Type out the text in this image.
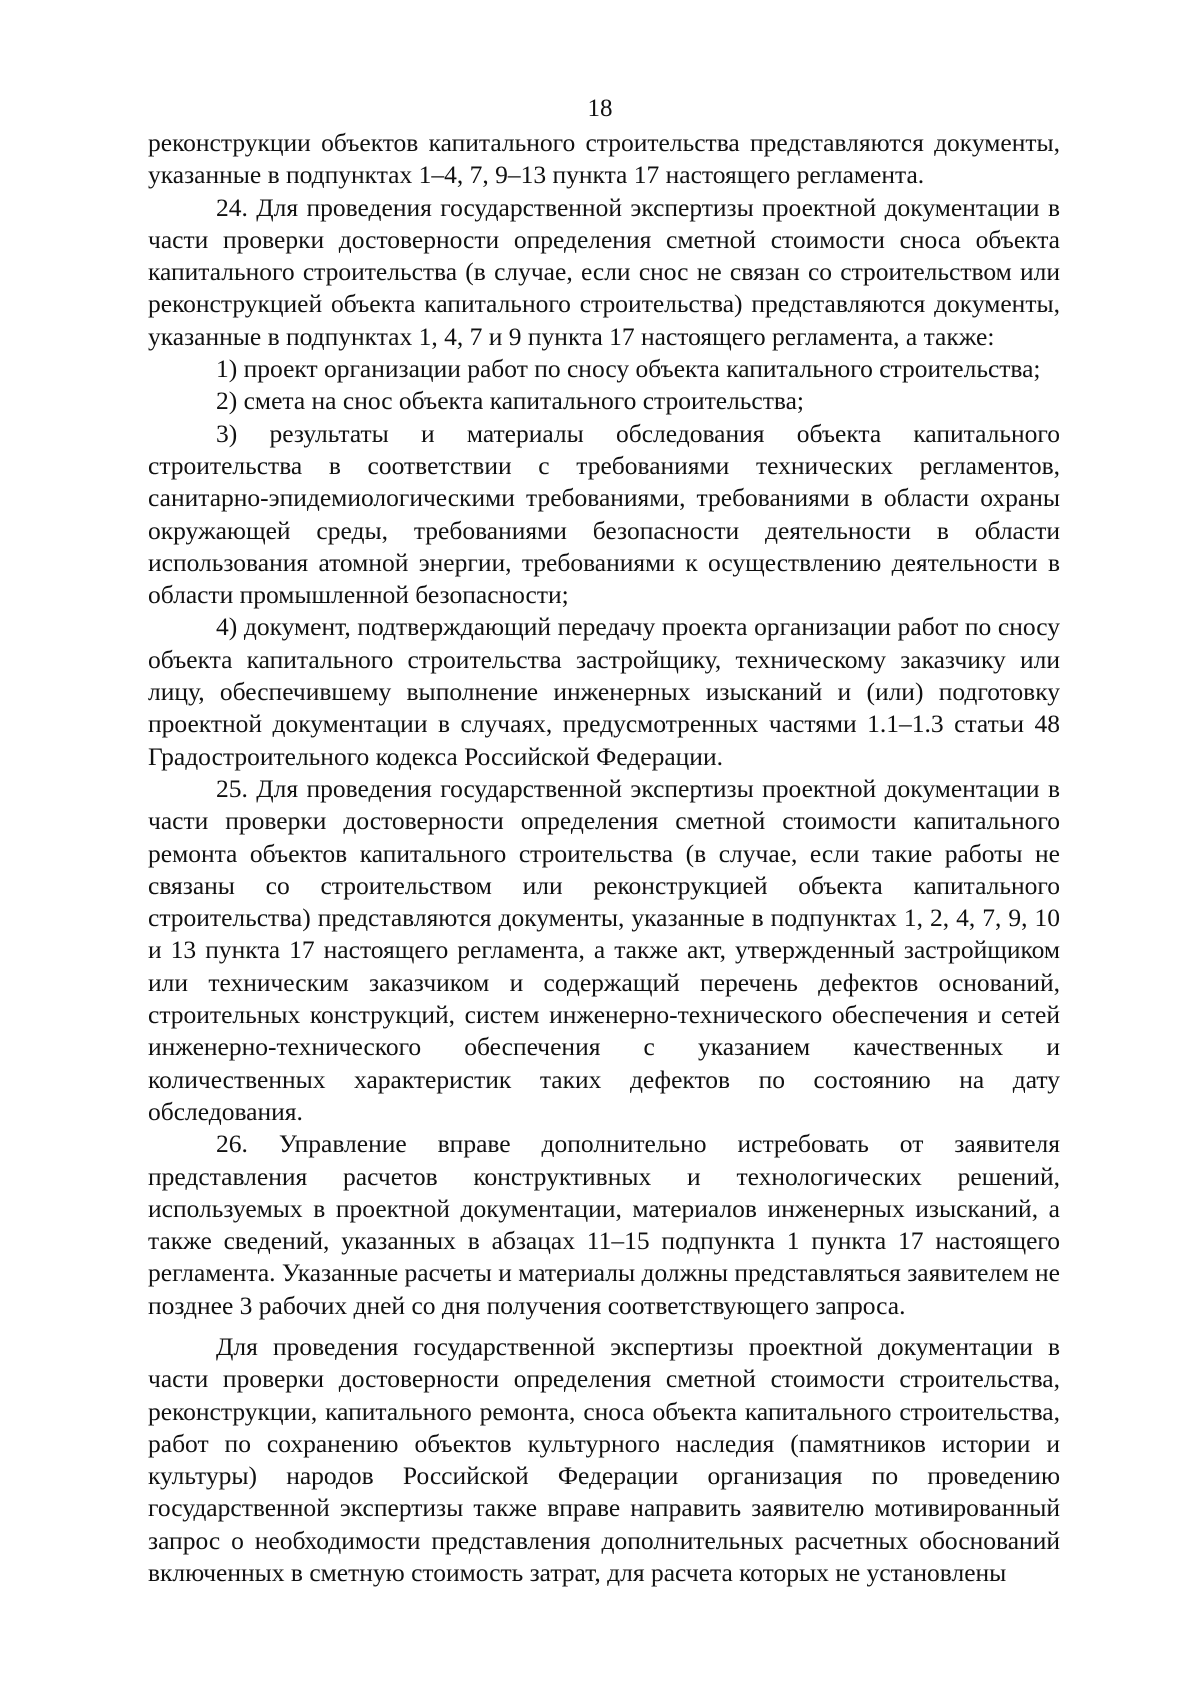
18

реконструкции объектов капитального строительства представляются документы, указанные в подпунктах 1–4, 7, 9–13 пункта 17 настоящего регламента.

24. Для проведения государственной экспертизы проектной документации в части проверки достоверности определения сметной стоимости сноса объекта капитального строительства (в случае, если снос не связан со строительством или реконструкцией объекта капитального строительства) представляются документы, указанные в подпунктах 1, 4, 7 и 9 пункта 17 настоящего регламента, а также:

1) проект организации работ по сносу объекта капитального строительства;

2) смета на снос объекта капитального строительства;

3) результаты и материалы обследования объекта капитального строительства в соответствии с требованиями технических регламентов, санитарно-эпидемиологическими требованиями, требованиями в области охраны окружающей среды, требованиями безопасности деятельности в области использования атомной энергии, требованиями к осуществлению деятельности в области промышленной безопасности;

4) документ, подтверждающий передачу проекта организации работ по сносу объекта капитального строительства застройщику, техническому заказчику или лицу, обеспечившему выполнение инженерных изысканий и (или) подготовку проектной документации в случаях, предусмотренных частями 1.1–1.3 статьи 48 Градостроительного кодекса Российской Федерации.

25. Для проведения государственной экспертизы проектной документации в части проверки достоверности определения сметной стоимости капитального ремонта объектов капитального строительства (в случае, если такие работы не связаны со строительством или реконструкцией объекта капитального строительства) представляются документы, указанные в подпунктах 1, 2, 4, 7, 9, 10 и 13 пункта 17 настоящего регламента, а также акт, утвержденный застройщиком или техническим заказчиком и содержащий перечень дефектов оснований, строительных конструкций, систем инженерно-технического обеспечения и сетей инженерно-технического обеспечения с указанием качественных и количественных характеристик таких дефектов по состоянию на дату обследования.

26. Управление вправе дополнительно истребовать от заявителя представления расчетов конструктивных и технологических решений, используемых в проектной документации, материалов инженерных изысканий, а также сведений, указанных в абзацах 11–15 подпункта 1 пункта 17 настоящего регламента. Указанные расчеты и материалы должны представляться заявителем не позднее 3 рабочих дней со дня получения соответствующего запроса.

Для проведения государственной экспертизы проектной документации в части проверки достоверности определения сметной стоимости строительства, реконструкции, капитального ремонта, сноса объекта капитального строительства, работ по сохранению объектов культурного наследия (памятников истории и культуры) народов Российской Федерации организация по проведению государственной экспертизы также вправе направить заявителю мотивированный запрос о необходимости представления дополнительных расчетных обоснований включенных в сметную стоимость затрат, для расчета которых не установлены
